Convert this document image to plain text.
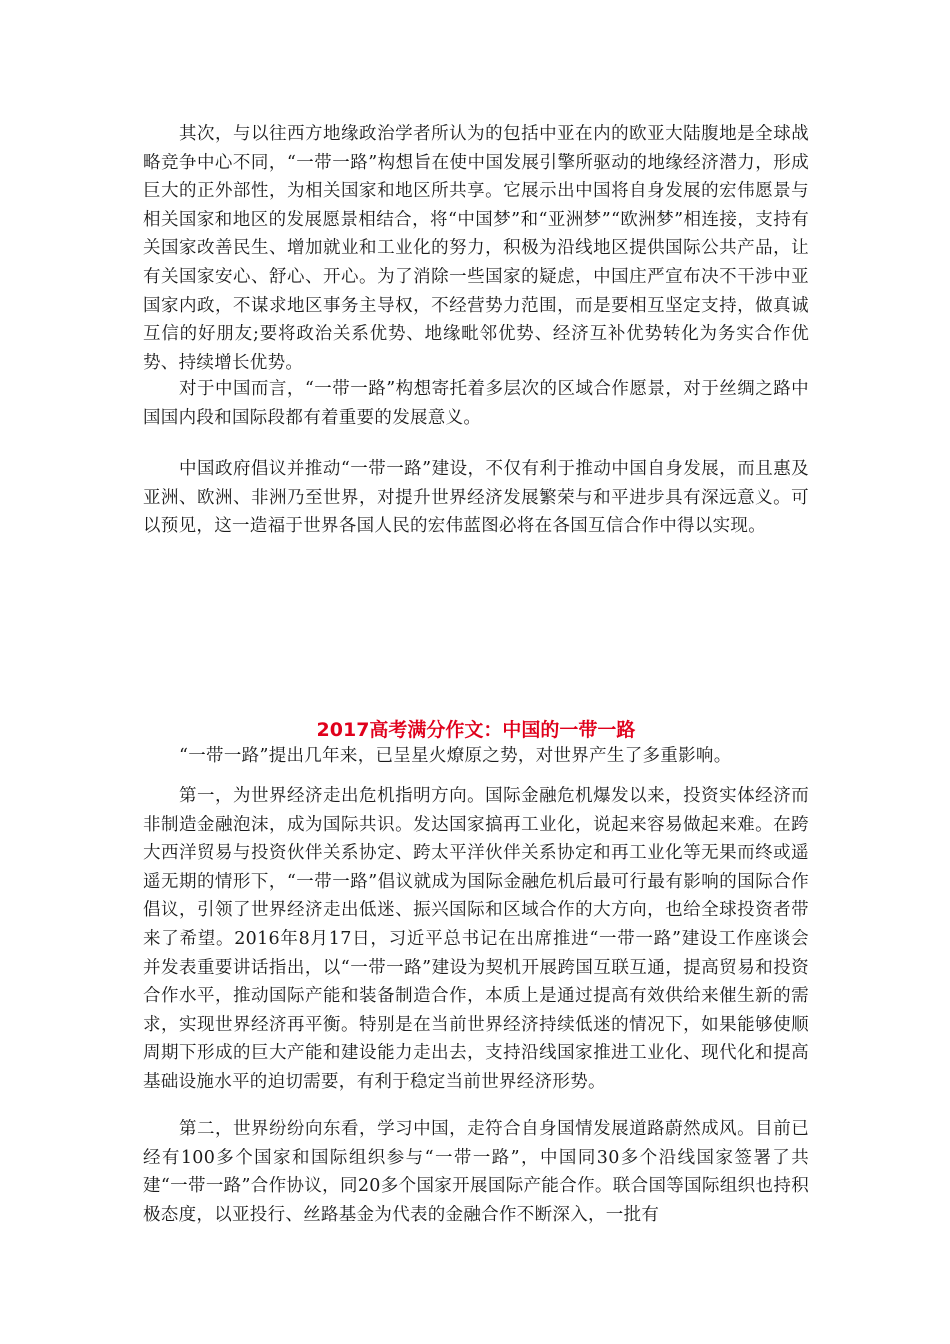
其次，与以往西方地缘政治学者所认为的包括中亚在内的欧亚大陆腹地是全球战略竞争中心不同，“一带一路”构想旨在使中国发展引擎所驱动的地缘经济潜力，形成巨大的正外部性，为相关国家和地区所共享。它展示出中国将自身发展的宏伟愿景与相关国家和地区的发展愿景相结合，将“中国梦”和“亚洲梦”“欧洲梦”相连接，支持有关国家改善民生、增加就业和工业化的努力，积极为沿线地区提供国际公共产品，让有关国家安心、舒心、开心。为了消除一些国家的疑虑，中国庄严宣布决不干涉中亚国家内政，不谋求地区事务主导权，不经营势力范围，而是要相互坚定支持，做真诚互信的好朋友;要将政治关系优势、地缘毗邻优势、经济互补优势转化为务实合作优势、持续增长优势。

对于中国而言，“一带一路”构想寄托着多层次的区域合作愿景，对于丝绸之路中国国内段和国际段都有着重要的发展意义。

中国政府倡议并推动“一带一路”建设，不仅有利于推动中国自身发展，而且惠及亚洲、欧洲、非洲乃至世界，对提升世界经济发展繁荣与和平进步具有深远意义。可以预见，这一造福于世界各国人民的宏伟蓝图必将在各国互信合作中得以实现。

2017高考满分作文：中国的一带一路

“一带一路”提出几年来，已呈星火燎原之势，对世界产生了多重影响。

第一，为世界经济走出危机指明方向。国际金融危机爆发以来，投资实体经济而非制造金融泡沫，成为国际共识。发达国家搞再工业化，说起来容易做起来难。在跨大西洋贸易与投资伙伴关系协定、跨太平洋伙伴关系协定和再工业化等无果而终或遥遥无期的情形下，“一带一路”倡议就成为国际金融危机后最可行最有影响的国际合作倡议，引领了世界经济走出低迷、振兴国际和区域合作的大方向，也给全球投资者带来了希望。2016年8月17日，习近平总书记在出席推进“一带一路”建设工作座谈会并发表重要讲话指出，以“一带一路”建设为契机开展跨国互联互通，提高贸易和投资合作水平，推动国际产能和装备制造合作，本质上是通过提高有效供给来催生新的需求，实现世界经济再平衡。特别是在当前世界经济持续低迷的情况下，如果能够使顺周期下形成的巨大产能和建设能力走出去，支持沿线国家推进工业化、现代化和提高基础设施水平的迫切需要，有利于稳定当前世界经济形势。

第二，世界纷纷向东看，学习中国，走符合自身国情发展道路蔚然成风。目前已经有100多个国家和国际组织参与“一带一路”，中国同30多个沿线国家签署了共建“一带一路”合作协议，同20多个国家开展国际产能合作。联合国等国际组织也持积极态度，以亚投行、丝路基金为代表的金融合作不断深入，一批有
